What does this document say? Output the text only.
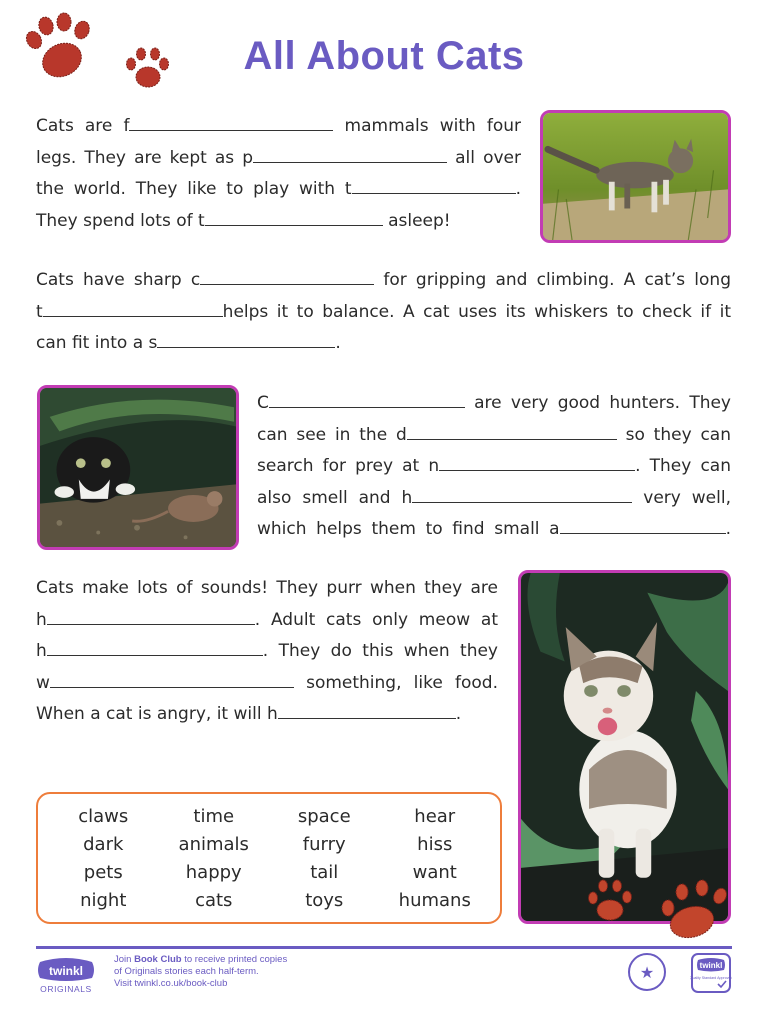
All About Cats
Cats are f	mammals with four
legs. They are kept as p	all over
the world. They like to play with t	.
They spend lots of t	asleep!
Cats have sharp c	for gripping and climbing. A cat’s long
t	helps it to balance. A cat uses its whiskers to check if it
can fit into a s	.
C	are very good hunters. They
can see in the d	so they can
search for prey at n	. They can
also smell and h	very well,
which helps them to find small a	.
Cats make lots of sounds! They purr when they are
h	. Adult cats only meow at
h	. They do this when they
w	something, like food.
When a cat is angry, it will h	.
claws	time	space	hear
dark	animals	furry	hiss
pets	happy	tail	want
night	cats	toys	humans
twinkl
ORIGINALS
Join Book Club to receive printed copies
of Originals stories each half-term.
Visit twinkl.co.uk/book-club
★	twinkl
Quality Standard Approved
